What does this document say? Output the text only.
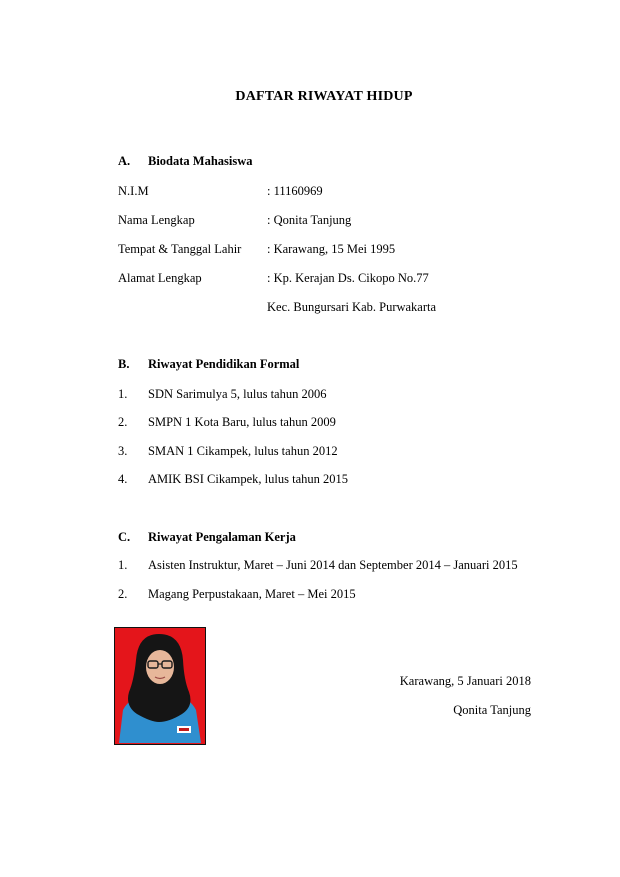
DAFTAR RIWAYAT HIDUP
A. Biodata Mahasiswa
N.I.M	: 11160969
Nama Lengkap	: Qonita Tanjung
Tempat & Tanggal Lahir : Karawang, 15 Mei 1995
Alamat Lengkap	: Kp. Kerajan Ds. Cikopo No.77
Kec. Bungursari Kab. Purwakarta
B. Riwayat Pendidikan Formal
1. SDN Sarimulya 5, lulus tahun 2006
2. SMPN 1 Kota Baru, lulus tahun 2009
3. SMAN 1 Cikampek, lulus tahun 2012
4. AMIK BSI Cikampek, lulus tahun 2015
C. Riwayat Pengalaman Kerja
1. Asisten Instruktur, Maret – Juni 2014 dan September 2014 – Januari 2015
2. Magang Perpustakaan, Maret – Mei 2015
Karawang, 5 Januari 2018
Qonita Tanjung
